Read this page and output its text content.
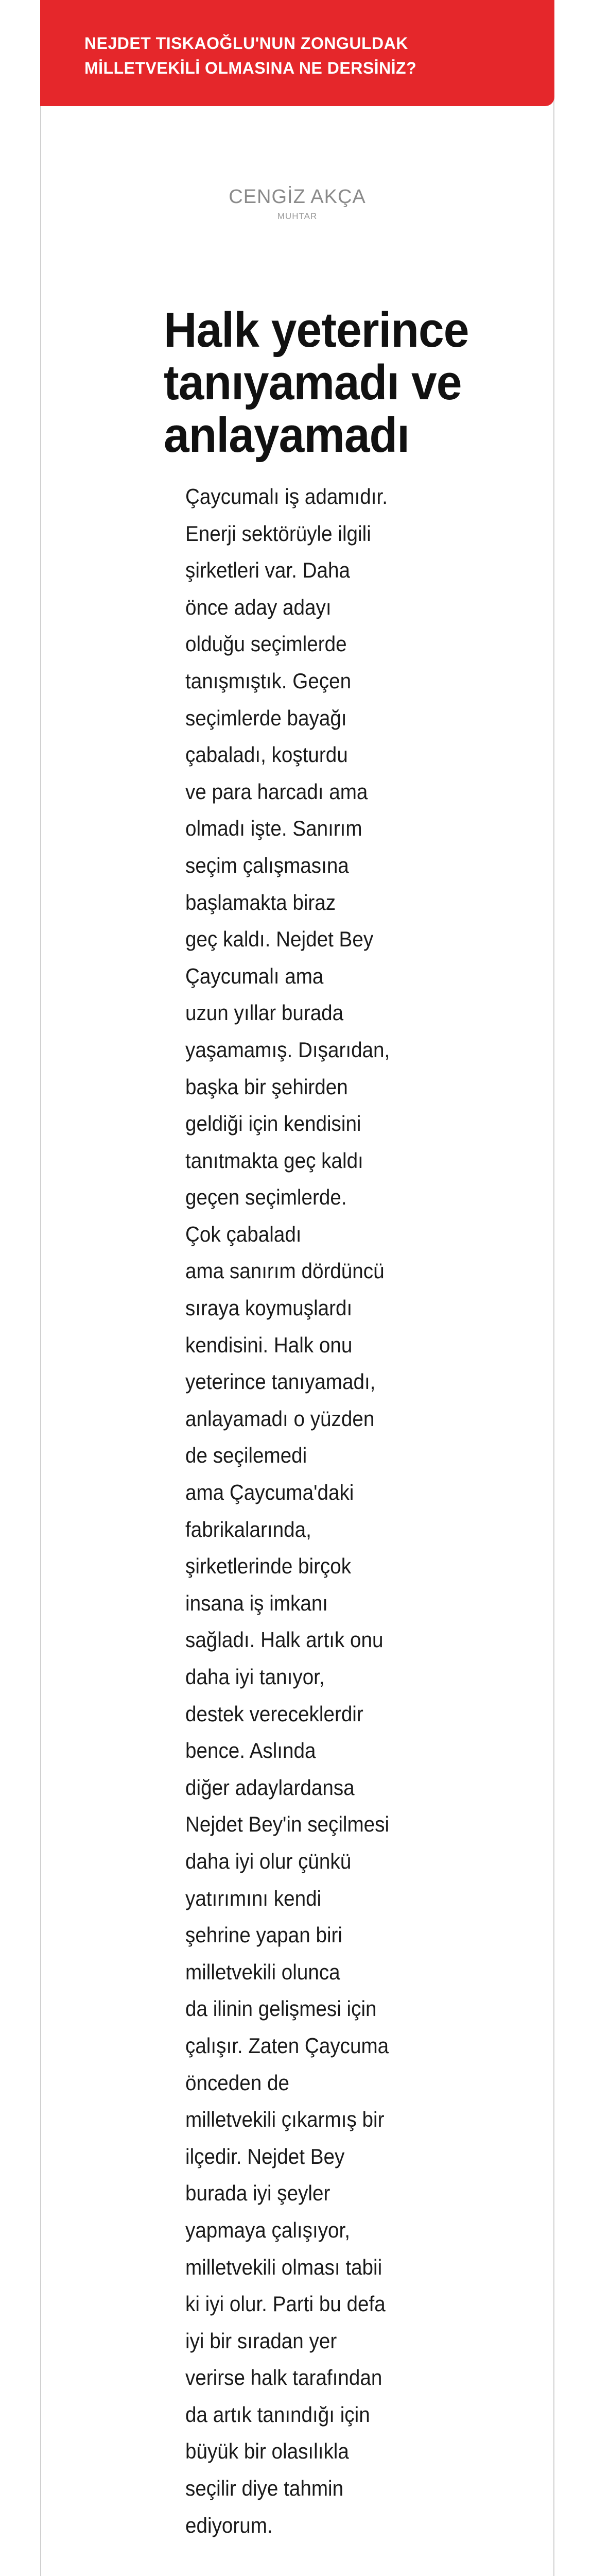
NEJDET TISKAOĞLU'NUN ZONGULDAK
MİLLETVEKİLİ OLMASINA NE DERSİNİZ?

CENGİZ AKÇA
MUHTAR
Halk yeterince tanıyamadı ve anlayamadı

Çaycumalı iş adamıdır.
Enerji sektörüyle ilgili
şirketleri var. Daha
önce aday adayı
olduğu seçimlerde
tanışmıştık. Geçen
seçimlerde bayağı
çabaladı, koşturdu
ve para harcadı ama
olmadı işte. Sanırım
seçim çalışmasına
başlamakta biraz
geç kaldı. Nejdet Bey
Çaycumalı ama
uzun yıllar burada
yaşamamış. Dışarıdan,
başka bir şehirden
geldiği için kendisini
tanıtmakta geç kaldı
geçen seçimlerde.
Çok çabaladı
ama sanırım dördüncü
sıraya koymuşlardı
kendisini. Halk onu
yeterince tanıyamadı,
anlayamadı o yüzden
de seçilemedi
ama Çaycuma'daki
fabrikalarında,
şirketlerinde birçok
insana iş imkanı
sağladı. Halk artık onu
daha iyi tanıyor,
destek vereceklerdir
bence. Aslında
diğer adaylardansa
Nejdet Bey'in seçilmesi
daha iyi olur çünkü
yatırımını kendi
şehrine yapan biri
milletvekili olunca
da ilinin gelişmesi için
çalışır. Zaten Çaycuma
önceden de
milletvekili çıkarmış bir
ilçedir. Nejdet Bey
burada iyi şeyler
yapmaya çalışıyor,
milletvekili olması tabii
ki iyi olur. Parti bu defa
iyi bir sıradan yer
verirse halk tarafından
da artık tanındığı için
büyük bir olasılıkla
seçilir diye tahmin
ediyorum.
